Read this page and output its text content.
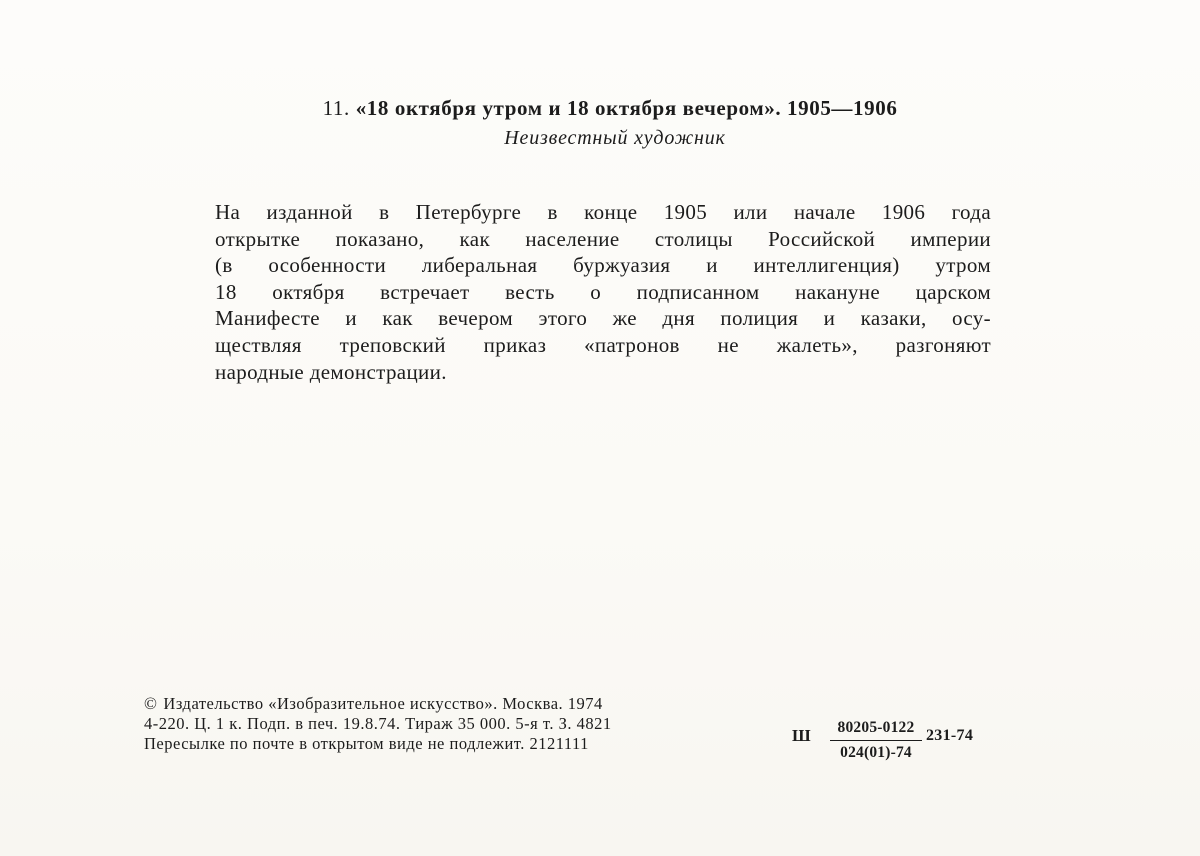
11. «18 октября утром и 18 октября вечером». 1905—1906
Неизвестный художник
На изданной в Петербурге в конце 1905 или начале 1906 года
открытке показано, как население столицы Российской империи
(в особенности либеральная буржуазия и интеллигенция) утром
18 октября встречает весть о подписанном накануне царском
Манифесте и как вечером этого же дня полиция и казаки, осу-
ществляя треповский приказ «патронов не жалеть», разгоняют
народные демонстрации.
© Издательство «Изобразительное искусство». Москва. 1974
4-220. Ц. 1 к. Подп. в печ. 19.8.74. Тираж 35 000. 5-я т. З. 4821
Пересылке по почте в открытом виде не подлежит. 2121111	Ш	80205-0122
024(01)-74
231-74
